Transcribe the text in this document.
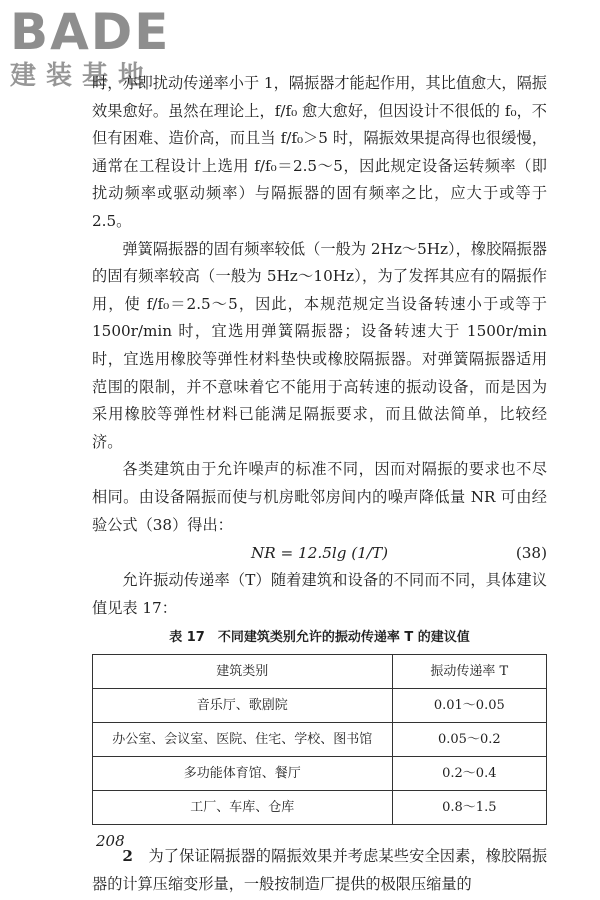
BADE
建装基地

时，亦即扰动传递率小于 1，隔振器才能起作用，其比值愈大，隔振效果愈好。虽然在理论上，f/f₀ 愈大愈好，但因设计不很低的 f₀，不但有困难、造价高，而且当 f/f₀＞5 时，隔振效果提高得也很缓慢，通常在工程设计上选用 f/f₀＝2.5～5，因此规定设备运转频率（即扰动频率或驱动频率）与隔振器的固有频率之比，应大于或等于 2.5。

弹簧隔振器的固有频率较低（一般为 2Hz～5Hz），橡胶隔振器的固有频率较高（一般为 5Hz～10Hz），为了发挥其应有的隔振作用，使 f/f₀＝2.5～5，因此，本规范规定当设备转速小于或等于 1500r/min 时，宜选用弹簧隔振器；设备转速大于 1500r/min 时，宜选用橡胶等弹性材料垫快或橡胶隔振器。对弹簧隔振器适用范围的限制，并不意味着它不能用于高转速的振动设备，而是因为采用橡胶等弹性材料已能满足隔振要求，而且做法简单，比较经济。

各类建筑由于允许噪声的标准不同，因而对隔振的要求也不尽相同。由设备隔振而使与机房毗邻房间内的噪声降低量 NR 可由经验公式（38）得出：

NR = 12.5lg (1/T)	(38)

允许振动传递率（T）随着建筑和设备的不同而不同，具体建议值见表 17：

表 17　不同建筑类别允许的振动传递率 T 的建议值
建筑类别	振动传递率 T
音乐厅、歌剧院	0.01～0.05
办公室、会议室、医院、住宅、学校、图书馆	0.05～0.2
多功能体育馆、餐厅	0.2～0.4
工厂、车库、仓库	0.8～1.5

2　 为了保证隔振器的隔振效果并考虑某些安全因素，橡胶隔振器的计算压缩变形量，一般按制造厂提供的极限压缩量的

208
